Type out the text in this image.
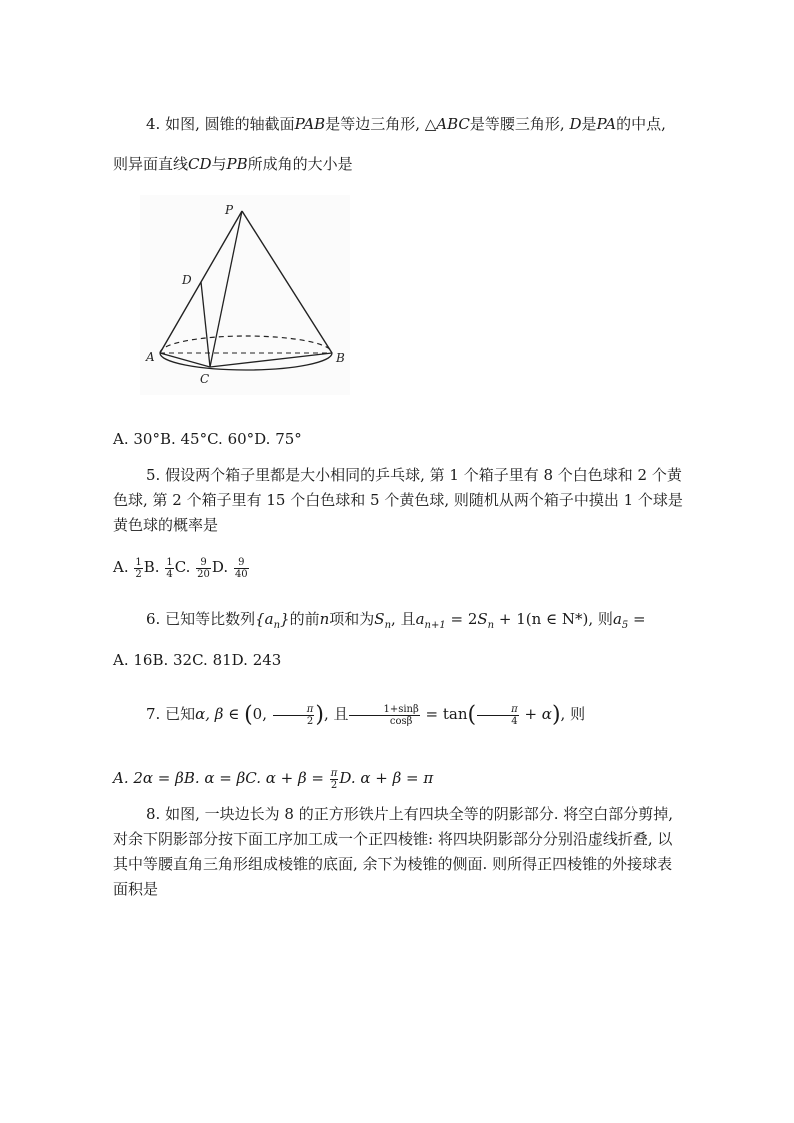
4. 如图, 圆锥的轴截面PAB是等边三角形, △ABC是等腰三角形, D是PA的中点,
则异面直线CD与PB所成角的大小是
P
D
A	B
C
A. 30°B. 45°C. 60°D. 75°
5. 假设两个箱子里都是大小相同的乒乓球, 第 1 个箱子里有 8 个白色球和 2 个黄色球, 第 2 个箱子里有 15 个白色球和 5 个黄色球, 则随机从两个箱子中摸出 1 个球是黄色球的概率是
A. $\frac{1}{2} B$. $\frac{1}{4} C$. $\frac{9}{20} D$. $\frac{9}{40}$
6. 已知等比数列$\{a_n\}$的前n项和为$S_n$, 且$a_{n+1} = 2S_n + 1(n$ ∈ N*), 则$a_5$ =
A. 16B. 32C. 81D. 243
7. 已知α, β ∈ (0, $\frac{\pi}{2}$ ), 且 $\frac{1+\sin\beta}{\cos\beta} = \tan( \frac{\pi}{4} + \alpha)$, 则
A. 2α = βB. α = βC. $\alpha + \beta = \frac{\pi}{2} D$. α + β = π
8. 如图, 一块边长为 8 的正方形铁片上有四块全等的阴影部分. 将空白部分剪掉, 对余下阴影部分按下面工序加工成一个正四棱锥: 将四块阴影部分分别沿虚线折叠, 以其中等腰直角三角形组成棱锥的底面, 余下为棱锥的侧面. 则所得正四棱锥的外接球表面积是
